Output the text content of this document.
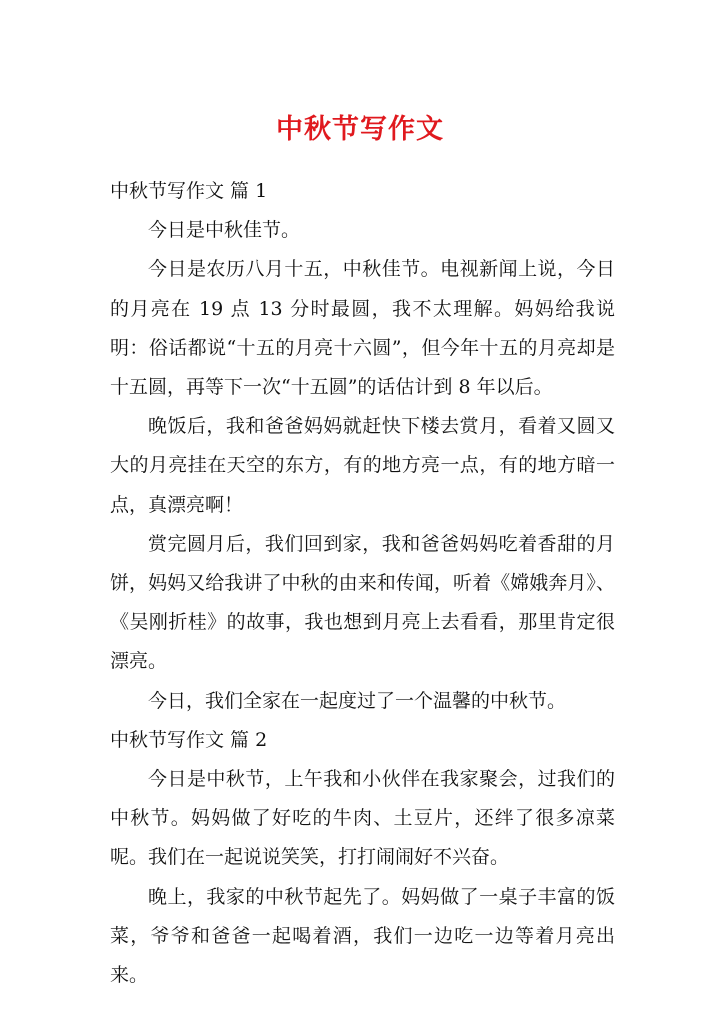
中秋节写作文

中秋节写作文 篇 1

今日是中秋佳节。

今日是农历八月十五，中秋佳节。电视新闻上说，今日的月亮在 19 点 13 分时最圆，我不太理解。妈妈给我说明：俗话都说“十五的月亮十六圆”，但今年十五的月亮却是十五圆，再等下一次“十五圆”的话估计到 8 年以后。

晚饭后，我和爸爸妈妈就赶快下楼去赏月，看着又圆又大的月亮挂在天空的东方，有的地方亮一点，有的地方暗一点，真漂亮啊！

赏完圆月后，我们回到家，我和爸爸妈妈吃着香甜的月饼，妈妈又给我讲了中秋的由来和传闻，听着《嫦娥奔月》、《吴刚折桂》的故事，我也想到月亮上去看看，那里肯定很漂亮。

今日，我们全家在一起度过了一个温馨的中秋节。

中秋节写作文 篇 2

今日是中秋节，上午我和小伙伴在我家聚会，过我们的中秋节。妈妈做了好吃的牛肉、土豆片，还绊了很多凉菜呢。我们在一起说说笑笑，打打闹闹好不兴奋。

晚上，我家的中秋节起先了。妈妈做了一桌子丰富的饭菜，爷爷和爸爸一起喝着酒，我们一边吃一边等着月亮出来。
